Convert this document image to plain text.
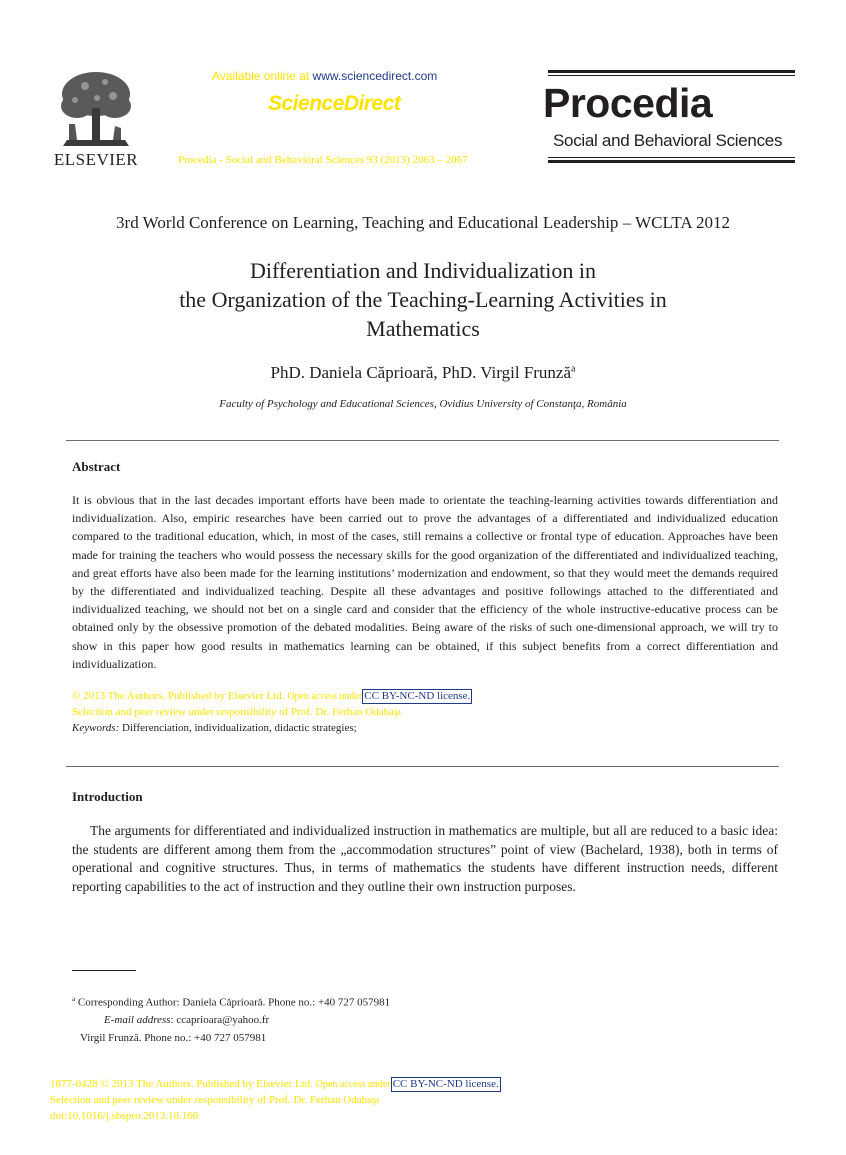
ELSEVIER
Available online at www.sciencedirect.com
ScienceDirect
Procedia - Social and Behavioral Sciences 93 (2013) 2063 – 2067
Procedia
Social and Behavioral Sciences
3rd World Conference on Learning, Teaching and Educational Leadership – WCLTA 2012
Differentiation and Individualization in
the Organization of the Teaching-Learning Activities in
Mathematics
PhD. Daniela Căprioară, PhD. Virgil Frunză$^a$
Faculty of Psychology and Educational Sciences, Ovidius University of Constanţa, România
Abstract
It is obvious that in the last decades important efforts have been made to orientate the teaching-learning activities towards differentiation and individualization. Also, empiric researches have been carried out to prove the advantages of a differentiated and individualized education compared to the traditional education, which, in most of the cases, still remains a collective or frontal type of education. Approaches have been made for training the teachers who would possess the necessary skills for the good organization of the differentiated and individualized teaching, and great efforts have also been made for the learning institutions’ modernization and endowment, so that they would meet the demands required by the differentiated and individualized teaching. Despite all these advantages and positive followings attached to the differentiated and individualized teaching, we should not bet on a single card and consider that the efficiency of the whole instructive-educative process can be obtained only by the obsessive promotion of the debated modalities. Being aware of the risks of such one-dimensional approach, we will try to show in this paper how good results in mathematics learning can be obtained, if this subject benefits from a correct differentiation and individualization.
© 2013 The Authors. Published by Elsevier Ltd. Open access under CC BY-NC-ND license.
Selection and peer review under responsibility of Prof. Dr. Ferhan Odabaşı
Keywords: Differenciation, individualization, didactic strategies;
Introduction
The arguments for differentiated and individualized instruction in mathematics are multiple, but all are reduced to a basic idea: the students are different among them from the „accommodation structures” point of view (Bachelard, 1938), both in terms of operational and cognitive structures. Thus, in terms of mathematics the students have different instruction needs, different reporting capabilities to the act of instruction and they outline their own instruction purposes.
$^a$ Corresponding Author: Daniela Căprioară. Phone no.: +40 727 057981
E-mail address: ccaprioara@yahoo.fr
Virgil Frunză. Phone no.: +40 727 057981
1877-0428 © 2013 The Authors. Published by Elsevier Ltd. Open access under CC BY-NC-ND license.
Selection and peer review under responsibility of Prof. Dr. Ferhan Odabaşı
doi:10.1016/j.sbspro.2013.10.166
